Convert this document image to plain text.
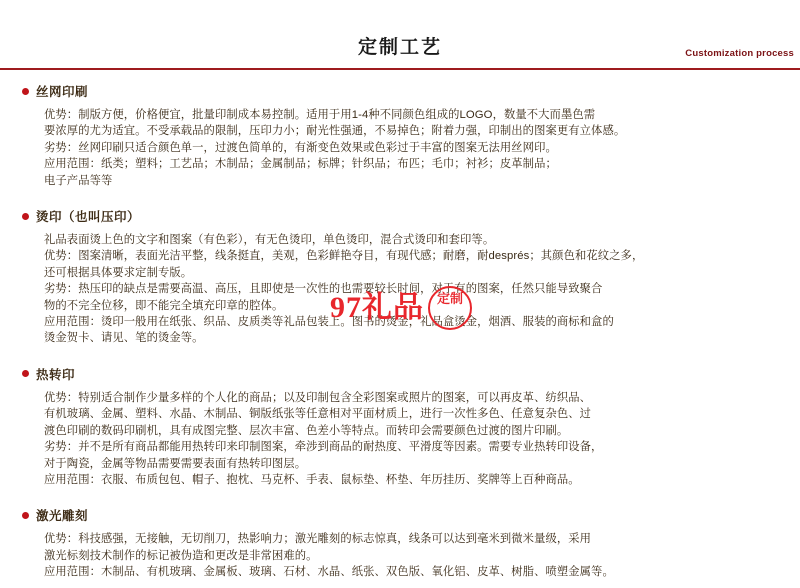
定制工艺	Customization process
丝网印刷
优势：制版方便，价格便宜，批量印制成本易控制。适用于用1-4种不同颜色组成的LOGO，数量不大而墨色需
要浓厚的尤为适宜。不受承载品的限制，压印力小；耐光性强通，不易掉色；附着力强，印制出的图案更有立体感。
劣势：丝网印刷只适合颜色单一，过渡色简单的，有渐变色效果或色彩过于丰富的图案无法用丝网印。
应用范围：纸类；塑料；工艺品；木制品；金属制品；标牌；针织品；布匹；毛巾；衬衫；皮革制品；
电子产品等等
烫印（也叫压印）
礼品表面烫上色的文字和图案（有色彩），有无色烫印，单色烫印，混合式烫印和套印等。
优势：图案清晰，表面光洁平整，线条挺直，美观，色彩鲜艳夺目，有现代感；耐磨，耐després；其颜色和花纹之多，
还可根据具体要求定制专版。
劣势：热压印的缺点是需要高温、高压，且即使是一次性的也需要较长时间，对于有的图案，任然只能导致聚合
物的不完全位移，即不能完全填充印章的腔体。
应用范围：烫印一般用在纸张、织品、皮质类等礼品包装上。图书的烫金，礼品盒烫金，烟酒、服装的商标和盒的
烫金贺卡、请见、笔的烫金等。
热转印
优势：特别适合制作少量多样的个人化的商品；以及印制包含全彩图案或照片的图案，可以再皮革、纺织品、
有机玻璃、金属、塑料、水晶、木制品、铜版纸张等任意相对平面材质上，进行一次性多色、任意复杂色、过
渡色印刷的数码印刷机，具有成图完整、层次丰富、色差小等特点。而转印会需要颜色过渡的图片印刷。
劣势：并不是所有商品都能用热转印来印制图案，牵涉到商品的耐热度、平滑度等因素。需要专业热转印设备，
对于陶瓷，金属等物品需要需要表面有热转印图层。
应用范围：衣服、布质包包、帽子、抱枕、马克杯、手表、鼠标垫、杯垫、年历挂历、奖牌等上百种商品。
激光雕刻
优势：科技感强，无接触，无切削刀，热影响力；激光雕刻的标志惊真，线条可以达到毫米到微米量级，采用
激光标刻技术制作的标记被伪造和更改是非常困难的。
应用范围：木制品、有机玻璃、金属板、玻璃、石材、水晶、纸张、双色版、氧化铝、皮革、树脂、喷塑金属等。
97礼品 定制
